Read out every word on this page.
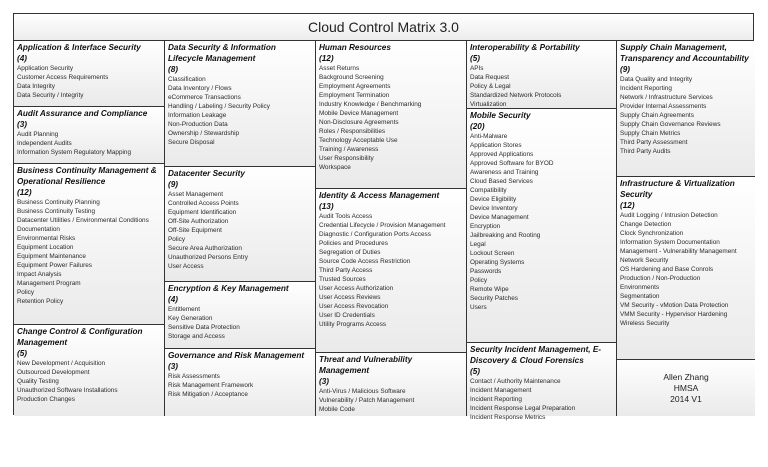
Cloud Control Matrix 3.0
Application & Interface Security
(4)
Application Security
Customer Access Requirements
Data Integrity
Data Security / Integrity
Audit Assurance and Compliance
(3)
Audit Planning
Independent Audits
Information System Regulatory Mapping
Business Continuity Management & Operational Resilience
(12)
Business Continuity Planning
Business Continuity Testing
Datacenter Utilities / Environmental Conditions
Documentation
Environmental Risks
Equipment Location
Equipment Maintenance
Equipment Power Failures
Impact Analysis
Management Program
Policy
Retention Policy
Change Control & Configuration Management
(5)
New Development / Acquisition
Outsourced Development
Quality Testing
Unauthorized Software Installations
Production Changes
Data Security & Information Lifecycle Management
(8)
Classification
Data Inventory / Flows
eCommerce Transactions
Handling / Labeling / Security Policy
Information Leakage
Non-Production Data
Ownership / Stewardship
Secure Disposal
Datacenter Security
(9)
Asset Management
Controlled Access Points
Equipment Identification
Off-Site Authorization
Off-Site Equipment
Policy
Secure Area Authorization
Unauthorized Persons Entry
User Access
Encryption & Key Management
(4)
Entitlement
Key Generation
Sensitive Data Protection
Storage and Access
Governance and Risk Management
(3)
Risk Assessments
Risk Management Framework
Risk Mitigation / Acceptance
Human Resources
(12)
Asset Returns
Background Screening
Employment Agreements
Employment Termination
Industry Knowledge / Benchmarking
Mobile Device Management
Non-Disclosure Agreements
Roles / Responsibilities
Technology Acceptable Use
Training / Awareness
User Responsibility
Workspace
Identity & Access Management
(13)
Audit Tools Access
Credential Lifecycle / Provision Management
Diagnostic / Configuration Ports Access
Policies and Procedures
Segregation of Duties
Source Code Access Restriction
Third Party Access
Trusted Sources
User Access Authorization
User Access Reviews
User Access Revocation
User ID Credentials
Utility Programs Access
Threat and Vulnerability Management
(3)
Anti-Virus / Malicious Software
Vulnerability / Patch Management
Mobile Code
Interoperability & Portability
(5)
APIs
Data Request
Policy & Legal
Standardized Network Protocols
Virtualization
Mobile Security
(20)
Anti-Malware
Application Stores
Approved Applications
Approved Software for BYOD
Awareness and Training
Cloud Based Services
Compatibility
Device Eligibility
Device Inventory
Device Management
Encryption
Jailbreaking and Rooting
Legal
Lockout Screen
Operating Systems
Passwords
Policy
Remote Wipe
Security Patches
Users
Security Incident Management, E-Discovery & Cloud Forensics
(5)
Contact / Authority Maintenance
Incident Management
Incident Reporting
Incident Response Legal Preparation
Incident Response Metrics
Supply Chain Management, Transparency and Accountability
(9)
Data Quality and Integrity
Incident Reporting
Network / Infrastructure Services
Provider Internal Assessments
Supply Chain Agreements
Supply Chain Governance Reviews
Supply Chain Metrics
Third Party Assessment
Third Party Audits
Infrastructure & Virtualization Security
(12)
Audit Logging / Intrusion Detection
Change Detection
Clock Synchronization
Information System Documentation
Management - Vulnerability Management
Network Security
OS Hardening and Base Conrols
Production / Non-Production
Environments
Segmentation
VM Security - vMotion Data Protection
VMM Security - Hypervisor Hardening
Wireless Security
Allen Zhang
HMSA
2014 V1
